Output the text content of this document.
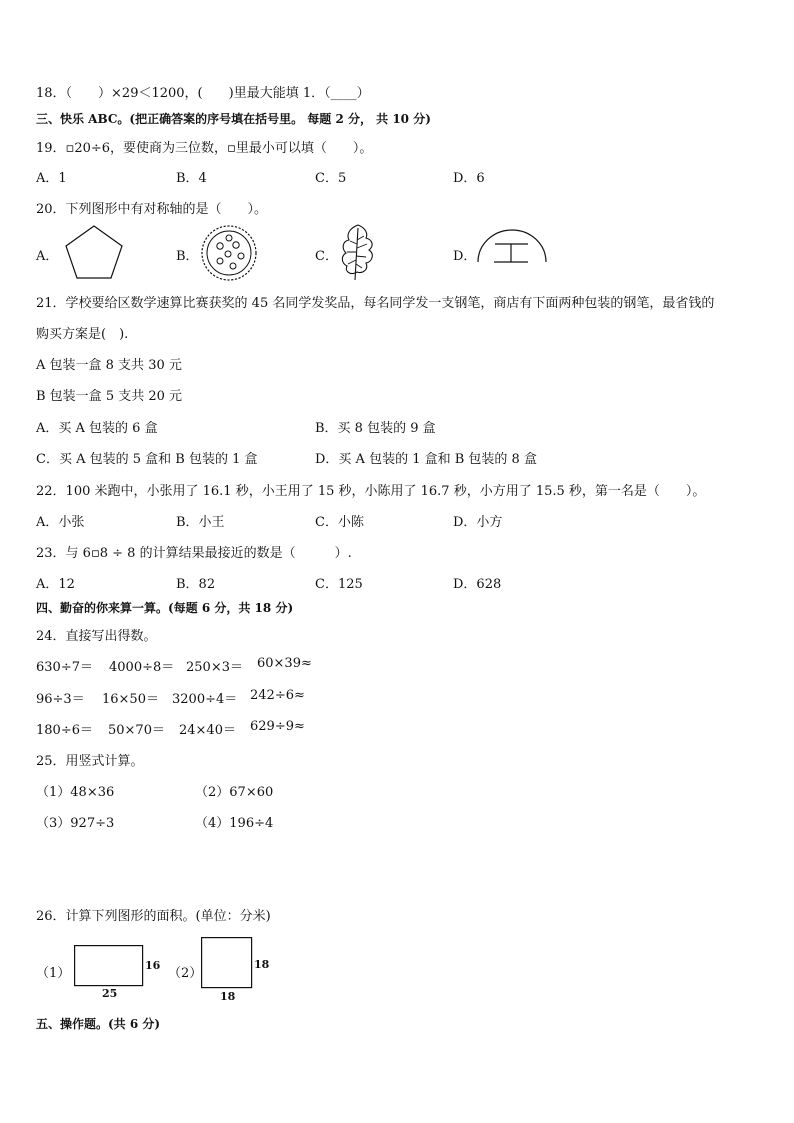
18．（　　）×29＜1200，(　　)里最大能填 1．（____）
三、快乐 ABC。(把正确答案的序号填在括号里。 每题 2 分， 共 10 分)
19．▫20÷6，要使商为三位数，▫里最小可以填（　　）。
A．1	B．4	C．5	D．6
20．下列图形中有对称轴的是（　　）。
A．	B．	C．	D．
21．学校要给区数学速算比赛获奖的 45 名同学发奖品，每名同学发一支钢笔，商店有下面两种包装的钢笔，最省钱的
购买方案是(　).
A 包装一盒 8 支共 30 元
B 包装一盒 5 支共 20 元
A．买 A 包装的 6 盒	B．买 8 包装的 9 盒
C．买 A 包装的 5 盒和 B 包装的 1 盒	D．买 A 包装的 1 盒和 B 包装的 8 盒
22．100 米跑中，小张用了 16.1 秒，小王用了 15 秒，小陈用了 16.7 秒，小方用了 15.5 秒，第一名是（　　）。
A．小张	B．小王	C．小陈	D．小方
23．与 6▫8 ÷ 8 的计算结果最接近的数是（　　　）.
A．12	B．82	C．125	D．628
四、勤奋的你来算一算。(每题 6 分，共 18 分)
24．直接写出得数。
630÷7＝ 4000÷8＝ 250×3＝ 60×39≈
96÷3＝ 16×50＝ 3200÷4＝ 242÷6≈
180÷6＝ 50×70＝ 24×40＝ 629÷9≈
25．用竖式计算。
（1）48×36	（2）67×60
（3）927÷3	（4）196÷4
26．计算下列图形的面积。(单位：分米)
（1）
16
25
（2）
18
18
五、操作题。(共 6 分)
